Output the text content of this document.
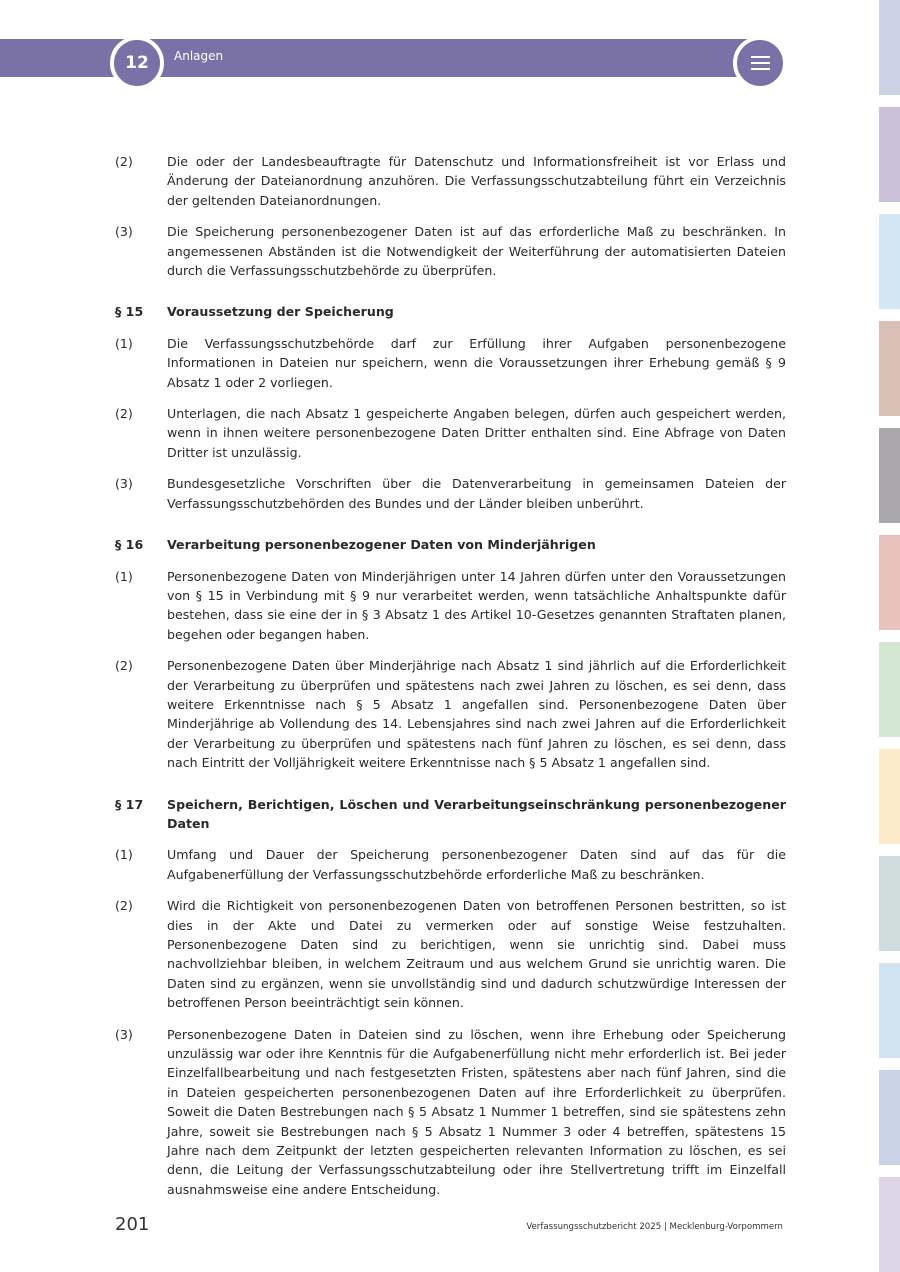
12	Anlagen
(2)	Die oder der Landesbeauftragte für Datenschutz und Informationsfreiheit ist vor Erlass und Änderung der Dateianordnung anzuhören. Die Verfassungsschutzabteilung führt ein Verzeichnis der geltenden Dateianordnungen.
(3)	Die Speicherung personenbezogener Daten ist auf das erforderliche Maß zu beschränken. In angemessenen Abständen ist die Notwendigkeit der Weiterführung der automatisierten Dateien durch die Verfassungsschutzbehörde zu überprüfen.
§ 15	Voraussetzung der Speicherung
(1)	Die Verfassungsschutzbehörde darf zur Erfüllung ihrer Aufgaben personenbezogene Informationen in Dateien nur speichern, wenn die Voraussetzungen ihrer Erhebung gemäß § 9 Absatz 1 oder 2 vorliegen.
(2)	Unterlagen, die nach Absatz 1 gespeicherte Angaben belegen, dürfen auch gespeichert werden, wenn in ihnen weitere personenbezogene Daten Dritter enthalten sind. Eine Abfrage von Daten Dritter ist unzulässig.
(3)	Bundesgesetzliche Vorschriften über die Datenverarbeitung in gemeinsamen Dateien der Verfassungsschutzbehörden des Bundes und der Länder bleiben unberührt.
§ 16	Verarbeitung personenbezogener Daten von Minderjährigen
(1)	Personenbezogene Daten von Minderjährigen unter 14 Jahren dürfen unter den Voraussetzungen von § 15 in Verbindung mit § 9 nur verarbeitet werden, wenn tatsächliche Anhaltspunkte dafür bestehen, dass sie eine der in § 3 Absatz 1 des Artikel 10-Gesetzes genannten Straftaten planen, begehen oder begangen haben.
(2)	Personenbezogene Daten über Minderjährige nach Absatz 1 sind jährlich auf die Erforderlichkeit der Verarbeitung zu überprüfen und spätestens nach zwei Jahren zu löschen, es sei denn, dass weitere Erkenntnisse nach § 5 Absatz 1 angefallen sind. Personenbezogene Daten über Minderjährige ab Vollendung des 14. Lebensjahres sind nach zwei Jahren auf die Erforderlichkeit der Verarbeitung zu überprüfen und spätestens nach fünf Jahren zu löschen, es sei denn, dass nach Eintritt der Volljährigkeit weitere Erkenntnisse nach § 5 Absatz 1 angefallen sind.
§ 17	Speichern, Berichtigen, Löschen und Verarbeitungseinschränkung personenbezogener Daten
(1)	Umfang und Dauer der Speicherung personenbezogener Daten sind auf das für die Aufgabenerfüllung der Verfassungsschutzbehörde erforderliche Maß zu beschränken.
(2)	Wird die Richtigkeit von personenbezogenen Daten von betroffenen Personen bestritten, so ist dies in der Akte und Datei zu vermerken oder auf sonstige Weise festzuhalten. Personenbezogene Daten sind zu berichtigen, wenn sie unrichtig sind. Dabei muss nachvollziehbar bleiben, in welchem Zeitraum und aus welchem Grund sie unrichtig waren. Die Daten sind zu ergänzen, wenn sie unvollständig sind und dadurch schutzwürdige Interessen der betroffenen Person beeinträchtigt sein können.
(3)	Personenbezogene Daten in Dateien sind zu löschen, wenn ihre Erhebung oder Speicherung unzulässig war oder ihre Kenntnis für die Aufgabenerfüllung nicht mehr erforderlich ist. Bei jeder Einzelfallbearbeitung und nach festgesetzten Fristen, spätestens aber nach fünf Jahren, sind die in Dateien gespeicherten personenbezogenen Daten auf ihre Erforderlichkeit zu überprüfen. Soweit die Daten Bestrebungen nach § 5 Absatz 1 Nummer 1 betreffen, sind sie spätestens zehn Jahre, soweit sie Bestrebungen nach § 5 Absatz 1 Nummer 3 oder 4 betreffen, spätestens 15 Jahre nach dem Zeitpunkt der letzten gespeicherten relevanten Information zu löschen, es sei denn, die Leitung der Verfassungsschutzabteilung oder ihre Stellvertretung trifft im Einzelfall ausnahmsweise eine andere Entscheidung.
201	Verfassungsschutzbericht 2025 | Mecklenburg-Vorpommern
